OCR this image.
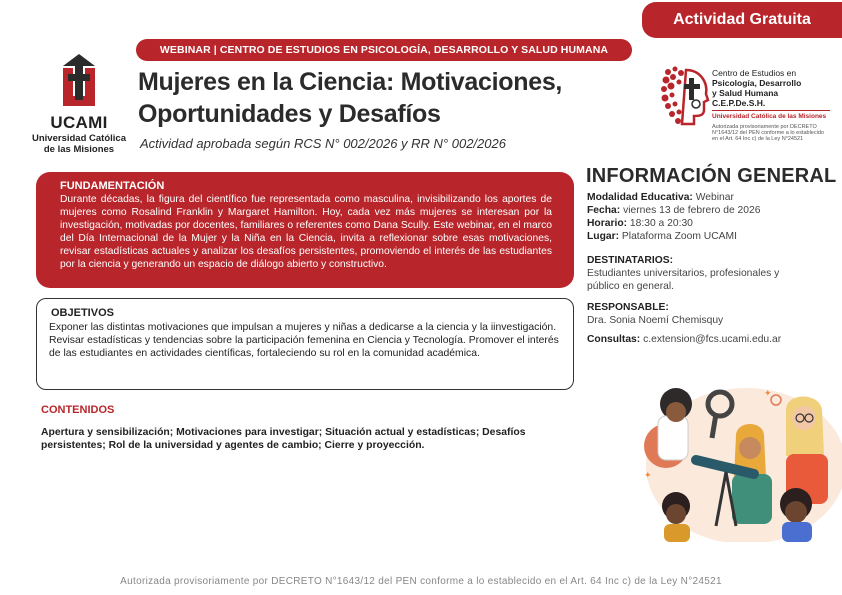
Actividad Gratuita
UCAMI
Universidad Católica
de las Misiones
WEBINAR | CENTRO DE ESTUDIOS EN PSICOLOGÍA, DESARROLLO Y SALUD HUMANA
Mujeres en la Ciencia: Motivaciones,
Oportunidades y Desafíos
Actividad aprobada según RCS N° 002/2026 y RR N° 002/2026
Centro de Estudios en
Psicología, Desarrollo
y Salud Humana
C.E.P.De.S.H.
Universidad Católica de las Misiones
Autorizada provisoriamente por DECRETO N°1643/12 del PEN conforme a lo establecido en el Art. 64 Inc c) de la Ley N°24521
FUNDAMENTACIÓN
Durante décadas, la figura del científico fue representada como masculina, invisibilizando los aportes de mujeres como Rosalind Franklin y Margaret Hamilton. Hoy, cada vez más mujeres se interesan por la investigación, motivadas por docentes, familiares o referentes como Dana Scully. Este webinar, en el marco del Día Internacional de la Mujer y la Niña en la Ciencia, invita a reflexionar sobre esas motivaciones, revisar estadísticas actuales y analizar los desafíos persistentes, promoviendo el interés de las estudiantes por la ciencia y generando un espacio de diálogo abierto y constructivo.
OBJETIVOS
Exponer las distintas motivaciones que impulsan a mujeres y niñas a dedicarse a la ciencia y la iinvestigación. Revisar estadísticas y tendencias sobre la participación femenina en Ciencia y Tecnología. Promover el interés de las estudiantes en actividades científicas, fortaleciendo su rol en la comunidad académica.
CONTENIDOS
Apertura y sensibilización; Motivaciones para investigar; Situación actual y estadísticas; Desafíos persistentes; Rol de la universidad y agentes de cambio; Cierre y proyección.
INFORMACIÓN GENERAL
Modalidad Educativa: Webinar
Fecha: viernes 13 de febrero de 2026
Horario: 18:30 a 20:30
Lugar: Plataforma Zoom UCAMI
DESTINATARIOS:
Estudiantes universitarios, profesionales y público en general.
RESPONSABLE:
Dra. Sonia Noemí Chemisquy
Consultas: c.extension@fcs.ucami.edu.ar
✦
✦
Autorizada provisoriamente por DECRETO N°1643/12 del PEN conforme a lo establecido en el Art. 64 Inc c) de la Ley N°24521
